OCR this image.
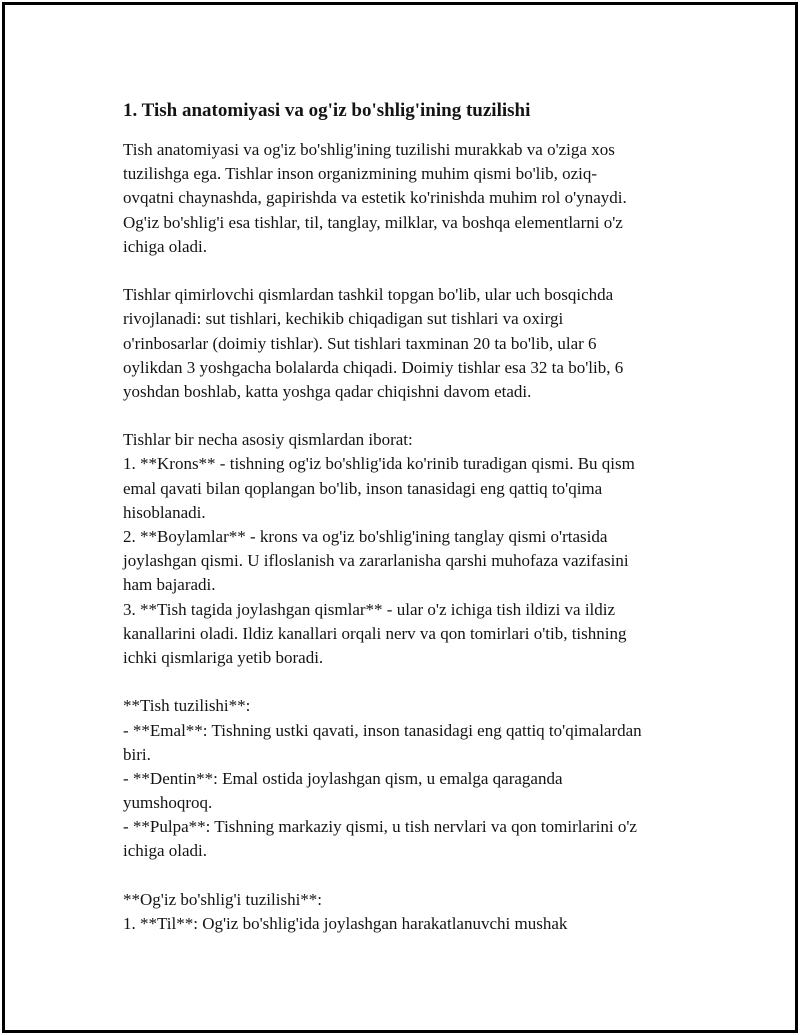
1. Tish anatomiyasi va og'iz bo'shlig'ining tuzilishi
Tish anatomiyasi va og'iz bo'shlig'ining tuzilishi murakkab va o'ziga xos
tuzilishga ega. Tishlar inson organizmining muhim qismi bo'lib, oziq-
ovqatni chaynashda, gapirishda va estetik ko'rinishda muhim rol o'ynaydi.
Og'iz bo'shlig'i esa tishlar, til, tanglay, milklar, va boshqa elementlarni o'z
ichiga oladi.
Tishlar qimirlovchi qismlardan tashkil topgan bo'lib, ular uch bosqichda
rivojlanadi: sut tishlari, kechikib chiqadigan sut tishlari va oxirgi
o'rinbosarlar (doimiy tishlar). Sut tishlari taxminan 20 ta bo'lib, ular 6
oylikdan 3 yoshgacha bolalarda chiqadi. Doimiy tishlar esa 32 ta bo'lib, 6
yoshdan boshlab, katta yoshga qadar chiqishni davom etadi.
Tishlar bir necha asosiy qismlardan iborat:
1. **Krons** - tishning og'iz bo'shlig'ida ko'rinib turadigan qismi. Bu qism
emal qavati bilan qoplangan bo'lib, inson tanasidagi eng qattiq to'qima
hisoblanadi.
2. **Boylamlar** - krons va og'iz bo'shlig'ining tanglay qismi o'rtasida
joylashgan qismi. U ifloslanish va zararlanisha qarshi muhofaza vazifasini
ham bajaradi.
3. **Tish tagida joylashgan qismlar** - ular o'z ichiga tish ildizi va ildiz
kanallarini oladi. Ildiz kanallari orqali nerv va qon tomirlari o'tib, tishning
ichki qismlariga yetib boradi.
**Tish tuzilishi**:
- **Emal**: Tishning ustki qavati, inson tanasidagi eng qattiq to'qimalardan
biri.
- **Dentin**: Emal ostida joylashgan qism, u emalga qaraganda
yumshoqroq.
- **Pulpa**: Tishning markaziy qismi, u tish nervlari va qon tomirlarini o'z
ichiga oladi.
**Og'iz bo'shlig'i tuzilishi**:
1. **Til**: Og'iz bo'shlig'ida joylashgan harakatlanuvchi mushak
